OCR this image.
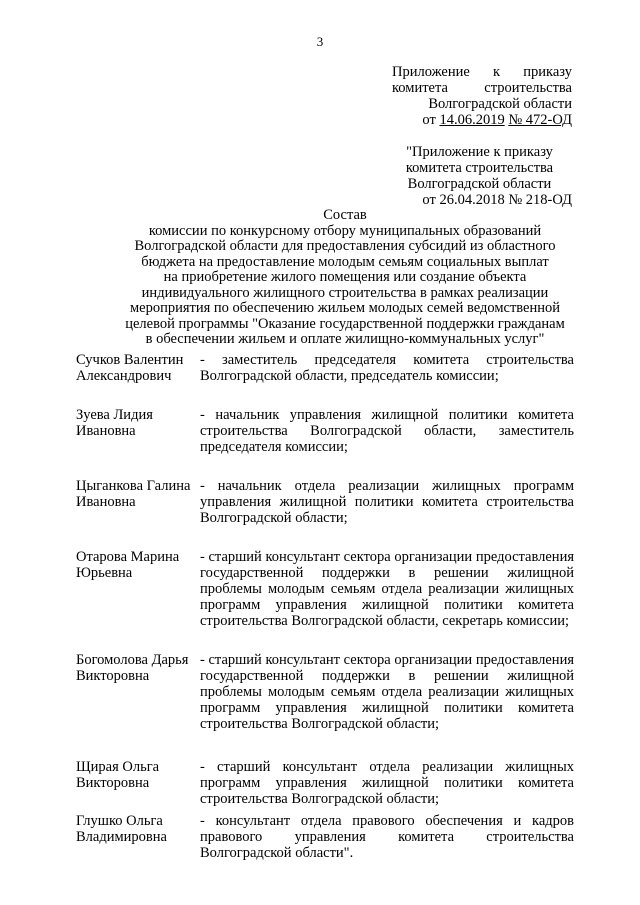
3
Приложение к приказу
комитета	строительства
Волгоградской области
от 14.06.2019 № 472-ОД
"Приложение к приказу
комитета строительства
Волгоградской области
от 26.04.2018 № 218-ОД
Состав
комиссии по конкурсному отбору муниципальных образований
Волгоградской области для предоставления субсидий из областного
бюджета на предоставление молодым семьям социальных выплат
на приобретение жилого помещения или создание объекта
индивидуального жилищного строительства в рамках реализации
мероприятия по обеспечению жильем молодых семей ведомственной
целевой программы "Оказание государственной поддержки гражданам
в обеспечении жильем и оплате жилищно-коммунальных услуг"
Сучков Валентин Александрович
- заместитель председателя комитета строительства Волгоградской области, председатель комиссии;
Зуева Лидия Ивановна
- начальник управления жилищной политики комитета строительства Волгоградской области, заместитель председателя комиссии;
Цыганкова Галина Ивановна
- начальник отдела реализации жилищных программ управления жилищной политики комитета строительства Волгоградской области;
Отарова Марина Юрьевна
- старший консультант сектора организации предоставления государственной поддержки в решении жилищной проблемы молодым семьям отдела реализации жилищных программ управления жилищной политики комитета строительства Волгоградской области, секретарь комиссии;
Богомолова Дарья Викторовна
- старший консультант сектора организации предоставления государственной поддержки в решении жилищной проблемы молодым семьям отдела реализации жилищных программ управления жилищной политики комитета строительства Волгоградской области;
Щирая Ольга Викторовна
- старший консультант отдела реализации жилищных программ управления жилищной политики комитета строительства Волгоградской области;
Глушко Ольга Владимировна
- консультант отдела правового обеспечения и кадров правового управления комитета строительства Волгоградской области".
